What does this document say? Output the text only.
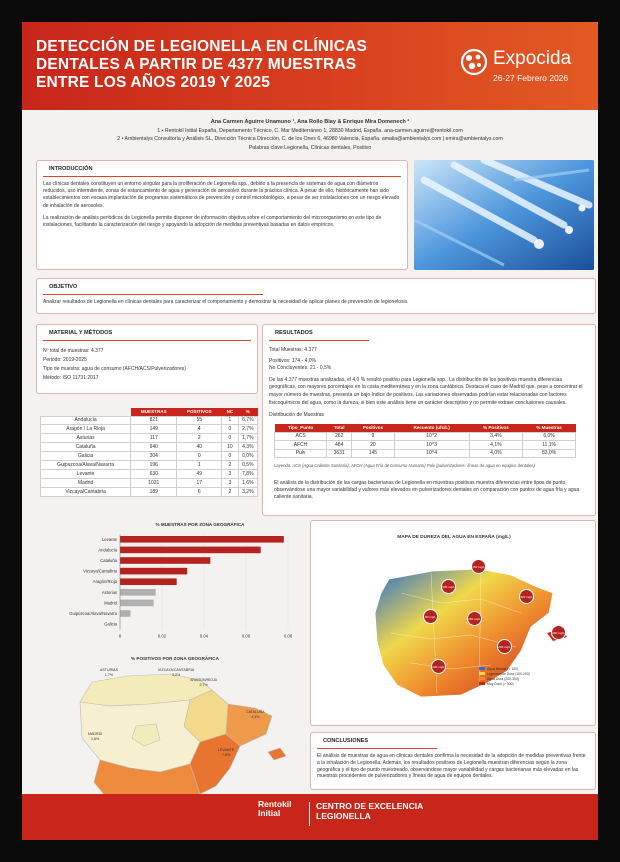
DETECCIÓN DE LEGIONELLA EN CLÍNICAS DENTALES A PARTIR DE 4377 MUESTRAS ENTRE LOS AÑOS 2019 Y 2025
Expocida
26-27 Febrero 2026
Ana Carmen Aguirre Unamuno ¹, Ana Rollo Blay & Enrique Mira Domenech ²
1 • Rentokil Initial España, Departamento Técnico, C. Mar Mediterráneo 1, 28830 Madrid, España. ana-carmen.aguirre@rentokil.com
2 • Ambientalys Consultoría y Análisis SL, Dirección Técnica Dirección, C. de los Ones 6, 46980 Valencia, España. amalia@ambientalys.com | emira@ambientalys.com
Palabras clave:Legionella, Clínicas dentales, Positivo
INTRODUCCIÓN

Las clínicas dentales constituyen un entorno singular para la proliferación de Legionella spp., debido a la presencia de sistemas de agua con diámetros reducidos, uso intermitente, zonas de estancamiento de agua y generación de aerosoles durante la práctica clínica. A pesar de ello, históricamente han sido establecimientos con escasa implantación de programas sistemáticos de prevención y control microbiológico, a pesar de ser instalaciones con un riesgo elevado de inhalación de aerosoles.

La realización de análisis periódicos de Legionella permite disponer de información objetiva sobre el comportamiento del microorganismo en este tipo de instalaciones, facilitando la caracterización del riesgo y apoyando la adopción de medidas preventivas basadas en datos empíricos.

OBJETIVO
Analizar resultados de Legionella en clínicas dentales para caracterizar el comportamiento y demostrar la necesidad de aplicar planes de prevención de legionelosis.
MATERIAL Y MÉTODOS
Nº total de muestras: 4.377
Periodo: 2019-2025
Tipo de muestra: agua de consumo (AFCH/ACS/Pulverizadores)
Método: ISO 11731:2017
	MUESTRAS	POSITIVOS	NC	%
Andalucía	821	55	1	6,7%
Aragón / La Rioja	149	4	0	2,7%
Asturias	117	2	0	1,7%
Cataluña	940	40	10	4,3%
Galicia	304	0	0	0,0%
Guipuzcoa/Alava/Navarra	196	1	2	0,5%
Levante	630	49	3	7,8%
Madrid	1031	17	3	1,6%
Vizcaya/Cantabria	189	6	2	3,2%
RESULTADOS
Total Muestras: 4.377
Positivos: 174 - 4,0%
No Concluyentes: 21 - 0,5%

De las 4.377 muestras analizadas, el 4,0 % resultó positivo para Legionella spp.. La distribución de los positivos muestra diferencias geográficas, con mayores porcentajes en la costa mediterránea y en la zona cantábrica. Destaca el caso de Madrid que, pese a concentrar el mayor número de muestras, presenta un bajo índice de positivos. Las variaciones observadas podrían estar relacionadas con factores fisicoquímicos del agua, como la dureza, si bien este análisis tiene un carácter descriptivo y no permite extraer conclusiones causales.

Distribución de Muestras
Tipo_Punto	Total	Positivos	Recuento (ufc/L)	% Positivos	% Muestras
ACS	262	9	10^2	3,4%	6,0%
AFCH	484	20	10^3	4,1%	11,1%
Pulv	3631	145	10^4	4,0%	83,0%
Leyenda: ACS (Agua Caliente Sanitaria), AFCH (Agua Fría de consumo Humano) Pulv (pulverizadores- líneas de agua en equipos dentales)
El análisis de la distribución de las cargas bacterianas de Legionella en muestras positivas muestra diferencias entre tipos de punto, observándose una mayor variabilidad y valores más elevados en pulverizadores dentales en comparación con puntos de agua fría y agua caliente sanitaria.
% MUESTRAS POR ZONA GEOGRÁFICA
0	0.02	0.04	0.06	0.08
Levante
Andalucía
Cataluña
Vizcaya/Cantabria
Aragón/Rioja
Asturias
Madrid
Guipúzcoa/Álava/Navarra
Galicia
% POSITIVOS POR ZONA GEOGRÁFICA
ASTURIAS
1,7%
VIZCAYA/CANTABRIA
3,2%
ARAGON/RIOJA
2,7%
CATALUÑA
4,3%
MADRID
1,6%
LEVANTE
7,8%
MAPA DE DUREZA DEL AGUA EN ESPAÑA (mg/L)
150 mg/L
300 mg/L
320 mg/L
250 mg/L
80 mg/L
400 mg/L
200 mg/L
200 mg/L
Agua Blanda (< 100)
Ligeramente Dura (100-200)
Agua Dura (200-300)
Muy Dura (> 300)
CONCLUSIONES
El análisis de muestras de agua en clínicas dentales confirma la necesidad de la adopción de medidas preventivas frente a la inhalación de Legionella. Además, los resultados positivos de Legionella muestran diferencias según la zona geográfica y el tipo de punto muestreado, observándose mayor variabilidad y cargas bacterianas más elevadas en las muestras procedentes de pulverizadores y líneas de agua de equipos dentales.
Rentokil
Initial
CENTRO DE EXCELENCIA
LEGIONELLA
